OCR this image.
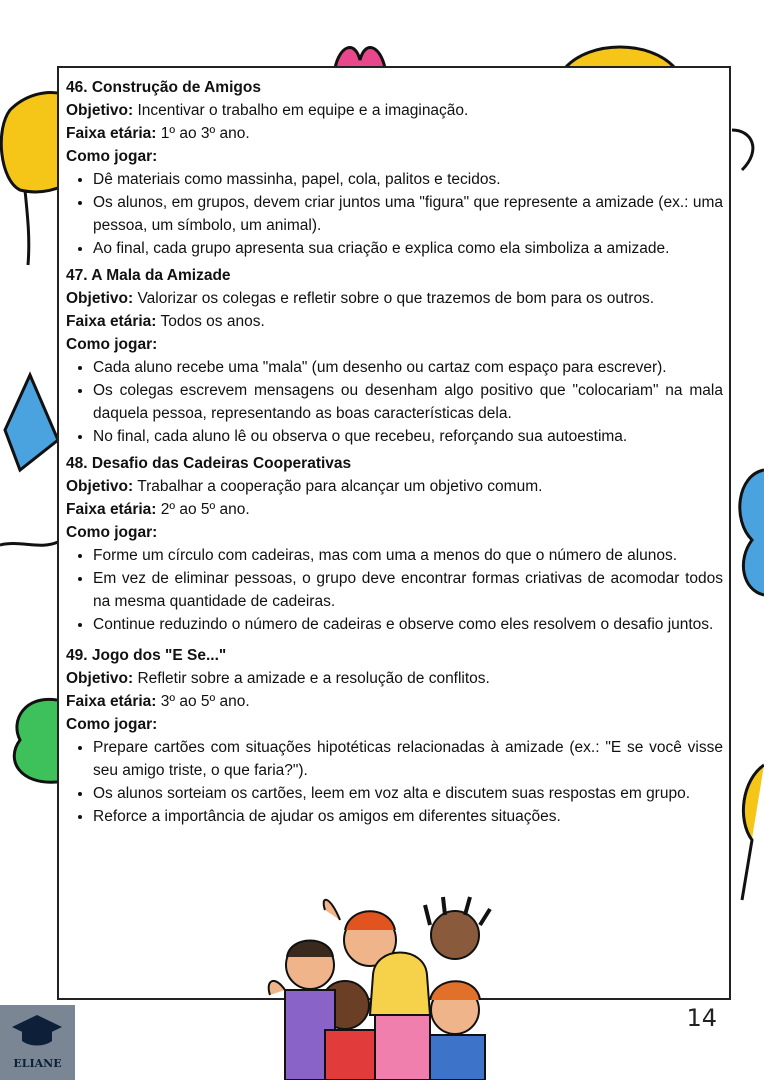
46. Construção de Amigos
Objetivo: Incentivar o trabalho em equipe e a imaginação.
Faixa etária: 1º ao 3º ano.
Como jogar:
• Dê materiais como massinha, papel, cola, palitos e tecidos.
• Os alunos, em grupos, devem criar juntos uma "figura" que represente a amizade (ex.: uma pessoa, um símbolo, um animal).
• Ao final, cada grupo apresenta sua criação e explica como ela simboliza a amizade.
47. A Mala da Amizade
Objetivo: Valorizar os colegas e refletir sobre o que trazemos de bom para os outros.
Faixa etária: Todos os anos.
Como jogar:
• Cada aluno recebe uma "mala" (um desenho ou cartaz com espaço para escrever).
• Os colegas escrevem mensagens ou desenham algo positivo que "colocariam" na mala daquela pessoa, representando as boas características dela.
• No final, cada aluno lê ou observa o que recebeu, reforçando sua autoestima.
48. Desafio das Cadeiras Cooperativas
Objetivo: Trabalhar a cooperação para alcançar um objetivo comum.
Faixa etária: 2º ao 5º ano.
Como jogar:
• Forme um círculo com cadeiras, mas com uma a menos do que o número de alunos.
• Em vez de eliminar pessoas, o grupo deve encontrar formas criativas de acomodar todos na mesma quantidade de cadeiras.
• Continue reduzindo o número de cadeiras e observe como eles resolvem o desafio juntos.
49. Jogo dos "E Se..."
Objetivo: Refletir sobre a amizade e a resolução de conflitos.
Faixa etária: 3º ao 5º ano.
Como jogar:
• Prepare cartões com situações hipotéticas relacionadas à amizade (ex.: "E se você visse seu amigo triste, o que faria?").
• Os alunos sorteiam os cartões, leem em voz alta e discutem suas respostas em grupo.
• Reforce a importância de ajudar os amigos em diferentes situações.
14
ELIANE
